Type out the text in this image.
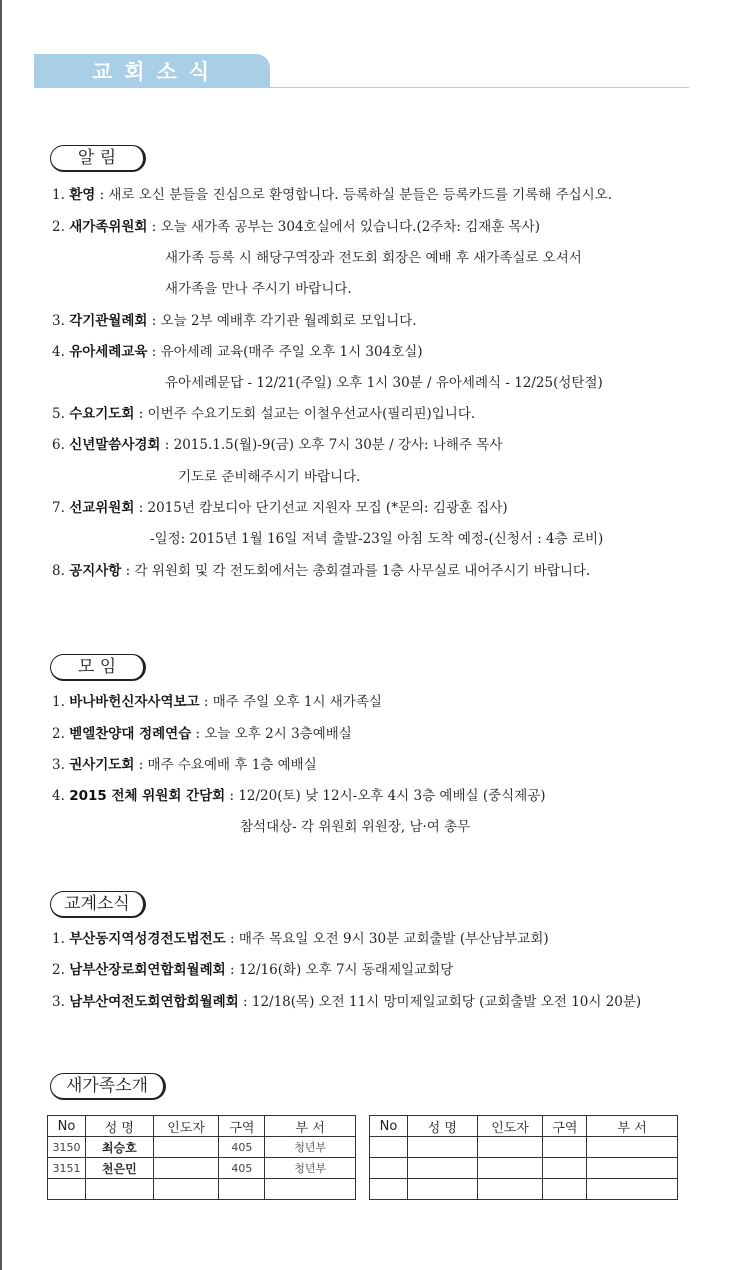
교회소식
알 림
1. 환영 : 새로 오신 분들을 진심으로 환영합니다. 등록하실 분들은 등록카드를 기록해 주십시오.
2. 새가족위원회 : 오늘 새가족 공부는 304호실에서 있습니다.(2주차: 김재훈 목사)
새가족 등록 시 해당구역장과 전도회 회장은 예배 후 새가족실로 오셔서
새가족을 만나 주시기 바랍니다.
3. 각기관월례회 : 오늘 2부 예배후 각기관 월례회로 모입니다.
4. 유아세례교육 : 유아세례 교육(매주 주일 오후 1시 304호실)
유아세례문답 - 12/21(주일) 오후 1시 30분 / 유아세례식 - 12/25(성탄절)
5. 수요기도회 : 이번주 수요기도회 설교는 이철우선교사(필리핀)입니다.
6. 신년말씀사경회 : 2015.1.5(월)-9(금) 오후 7시 30분 / 강사: 나해주 목사
기도로 준비해주시기 바랍니다.
7. 선교위원회 : 2015년 캄보디아 단기선교 지원자 모집 (*문의: 김광훈 집사)
-일정: 2015년 1월 16일 저녁 출발-23일 아침 도착 예정-(신청서 : 4층 로비)
8. 공지사항 : 각 위원회 및 각 전도회에서는 총회결과를 1층 사무실로 내어주시기 바랍니다.
모 임
1. 바나바헌신자사역보고 : 매주 주일 오후 1시 새가족실
2. 벧엘찬양대 정례연습 : 오늘 오후 2시 3층예배실
3. 권사기도회 : 매주 수요예배 후 1층 예배실
4. 2015 전체 위원회 간담회 : 12/20(토) 낮 12시-오후 4시 3층 예배실 (중식제공)
참석대상- 각 위원회 위원장, 남·여 총무
교계소식
1. 부산동지역성경전도법전도 : 매주 목요일 오전 9시 30분 교회출발 (부산남부교회)
2. 남부산장로회연합회월례회 : 12/16(화) 오후 7시 동래제일교회당
3. 남부산여전도회연합회월례회 : 12/18(목) 오전 11시 망미제일교회당 (교회출발 오전 10시 20분)
새가족소개
No	성 명	인도자	구역	부 서
3150	최승호		405	청년부
3151	천은민		405	청년부

No	성 명	인도자	구역	부 서
